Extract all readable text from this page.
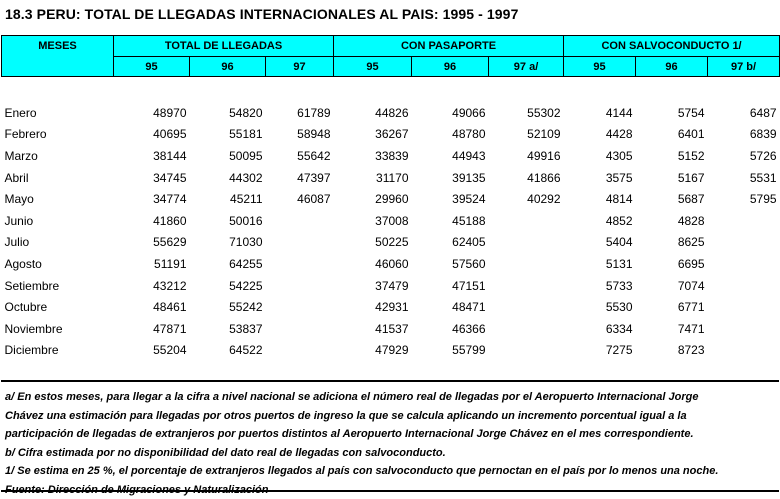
18.3 PERU: TOTAL DE LLEGADAS INTERNACIONALES AL PAIS: 1995 - 1997
MESES	TOTAL DE LLEGADAS			CON PASAPORTE			CON SALVOCONDUCTO 1/		
	95	96	97	95	96	97 a/	95	96	97 b/

Enero	48970	54820	61789	44826	49066	55302	4144	5754	6487
Febrero	40695	55181	58948	36267	48780	52109	4428	6401	6839
Marzo	38144	50095	55642	33839	44943	49916	4305	5152	5726
Abril	34745	44302	47397	31170	39135	41866	3575	5167	5531
Mayo	34774	45211	46087	29960	39524	40292	4814	5687	5795
Junio	41860	50016		37008	45188		4852	4828	
Julio	55629	71030		50225	62405		5404	8625	
Agosto	51191	64255		46060	57560		5131	6695	
Setiembre	43212	54225		37479	47151		5733	7074	
Octubre	48461	55242		42931	48471		5530	6771	
Noviembre	47871	53837		41537	46366		6334	7471	
Diciembre	55204	64522		47929	55799		7275	8723	
a/ En estos meses, para llegar a la cifra a nivel nacional se adiciona el número real de llegadas por el Aeropuerto Internacional Jorge
Chávez una estimación para llegadas por otros puertos de ingreso la que se calcula aplicando un incremento porcentual igual a la
participación de llegadas de extranjeros por puertos distintos al Aeropuerto Internacional Jorge Chávez en el mes correspondiente.
b/ Cifra estimada por no disponibilidad del dato real de llegadas con salvoconducto.
1/ Se estima en 25 %, el porcentaje de extranjeros llegados al país con salvoconducto que pernoctan en el país por lo menos una noche.
